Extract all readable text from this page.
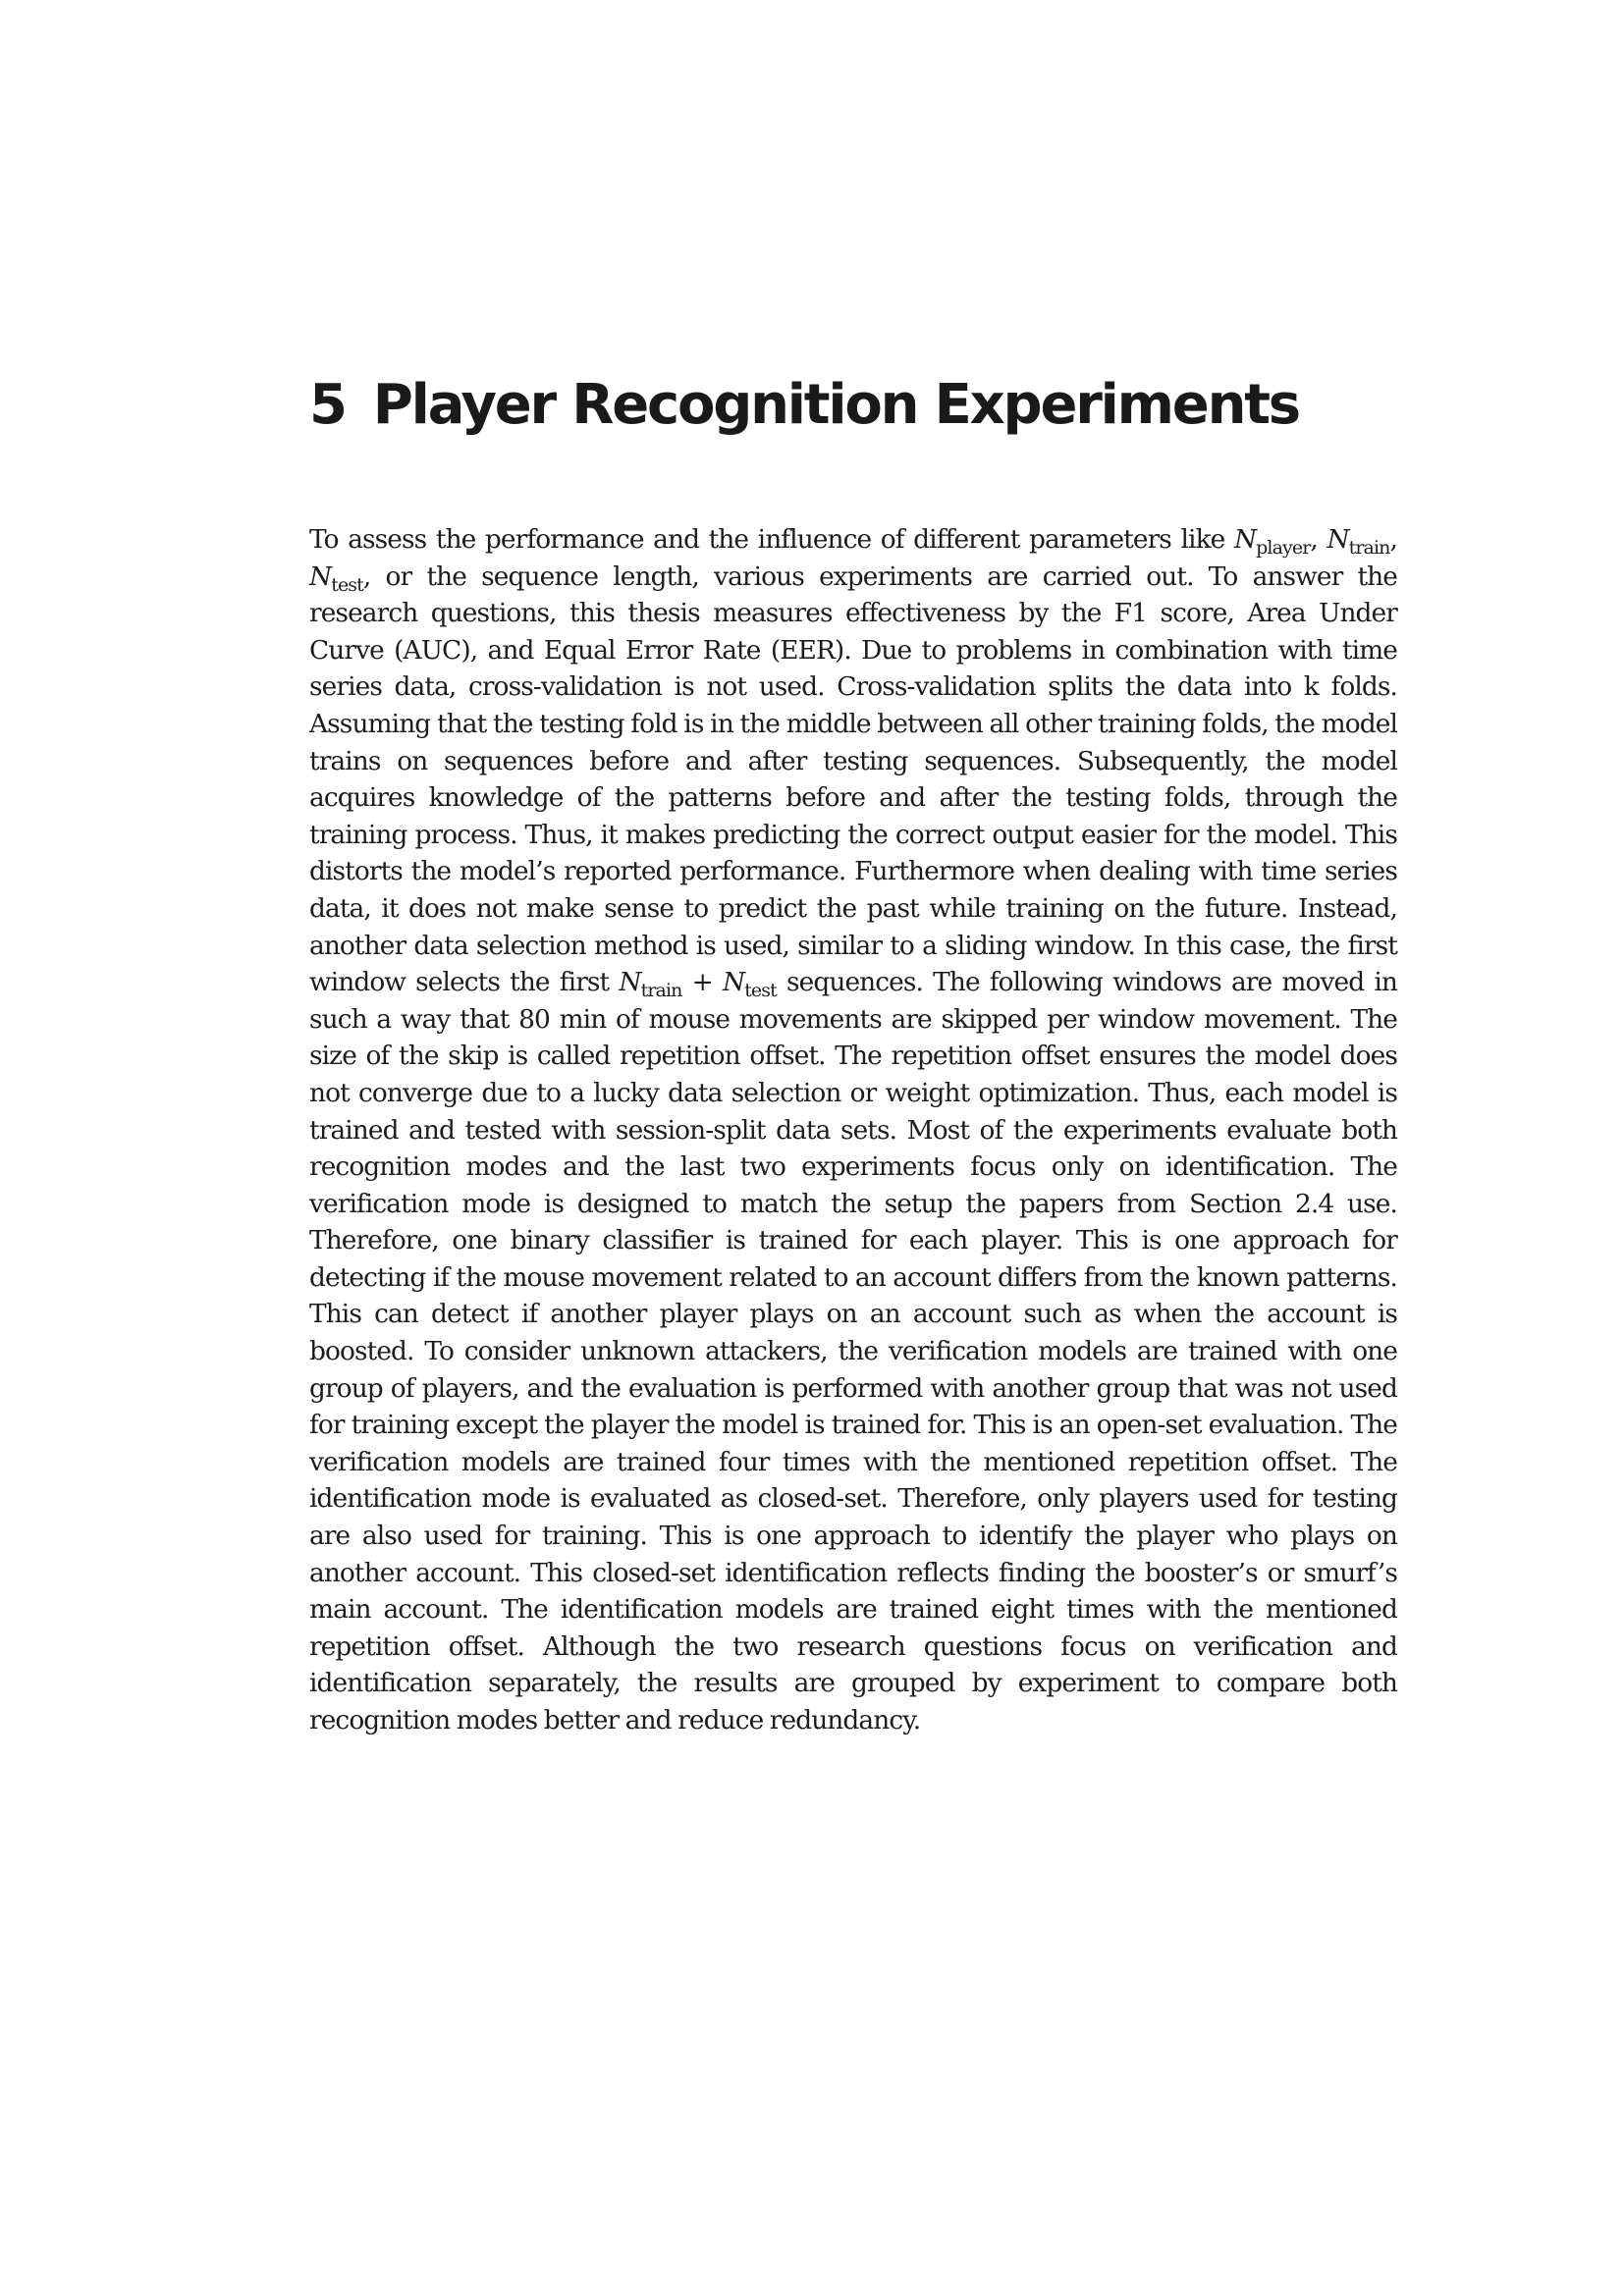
5 Player Recognition Experiments

To assess the performance and the influence of different parameters like $N_{player}$, $N_{train}$, $N_{test}$, or the sequence length, various experiments are carried out. To answer the research questions, this thesis measures effectiveness by the F1 score, Area Under Curve (AUC), and Equal Error Rate (EER). Due to problems in combination with time series data, cross-validation is not used. Cross-validation splits the data into k folds. Assuming that the testing fold is in the middle between all other training folds, the model trains on sequences before and after testing sequences. Subsequently, the model acquires knowledge of the patterns before and after the testing folds, through the training process. Thus, it makes predicting the correct output easier for the model. This distorts the model’s reported performance. Furthermore when dealing with time series data, it does not make sense to predict the past while training on the future. Instead, another data selection method is used, similar to a sliding window. In this case, the first window selects the first $N_{train} + N_{test}$ sequences. The following windows are moved in such a way that 80 min of mouse movements are skipped per window movement. The size of the skip is called repetition offset. The repetition offset ensures the model does not converge due to a lucky data selection or weight optimization. Thus, each model is trained and tested with session-split data sets. Most of the experiments evaluate both recognition modes and the last two experiments focus only on identification. The verification mode is designed to match the setup the papers from Section 2.4 use. Therefore, one binary classifier is trained for each player. This is one approach for detecting if the mouse movement related to an account differs from the known patterns. This can detect if another player plays on an account such as when the account is boosted. To consider unknown attackers, the verification models are trained with one group of players, and the evaluation is performed with another group that was not used for training except the player the model is trained for. This is an open-set evaluation. The verification models are trained four times with the mentioned repetition offset. The identification mode is evaluated as closed-set. Therefore, only players used for testing are also used for training. This is one approach to identify the player who plays on another account. This closed-set identification reflects finding the booster’s or smurf’s main account. The identification models are trained eight times with the mentioned repetition offset. Although the two research questions focus on verification and identification separately, the results are grouped by experiment to compare both recognition modes better and reduce redundancy.
